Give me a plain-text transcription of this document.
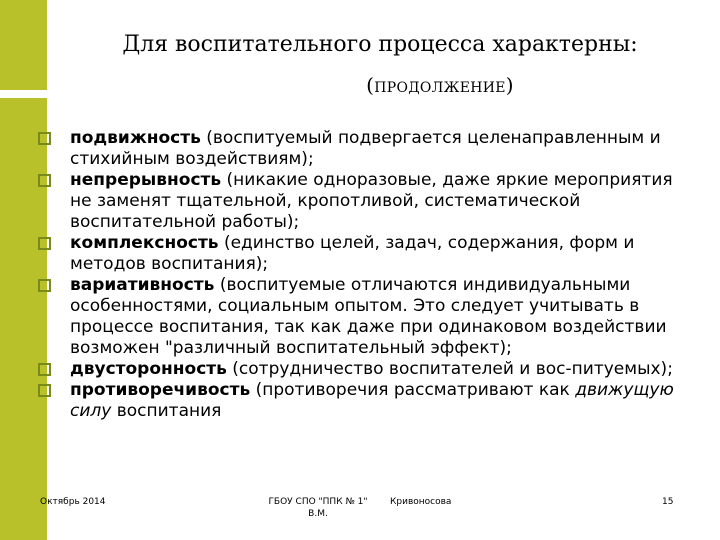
Для воспитательного процесса характерны:
(ПРОДОЛЖЕНИЕ)

подвижность (воспитуемый подвергается целенаправленным и стихийным воздействиям);

непрерывность (никакие одноразовые, даже яркие мероприятия не заменят тщательной, кропотливой, систематической воспитательной работы);

комплексность (единство целей, задач, содержания, форм и методов воспитания);

вариативность (воспитуемые отличаются индивидуальными особенностями, социальным опытом. Это следует учитывать в процессе воспитания, так как даже при одинаковом воздействии возможен "различный воспитательный эффект);

двусторонность (сотрудничество воспитателей и вос-питуемых);

противоречивость (противоречия рассматривают как движущую силу воспитания

Октябрь 2014	ГБОУ СПО "ППК № 1"
В.М.
Кривоносова	15
